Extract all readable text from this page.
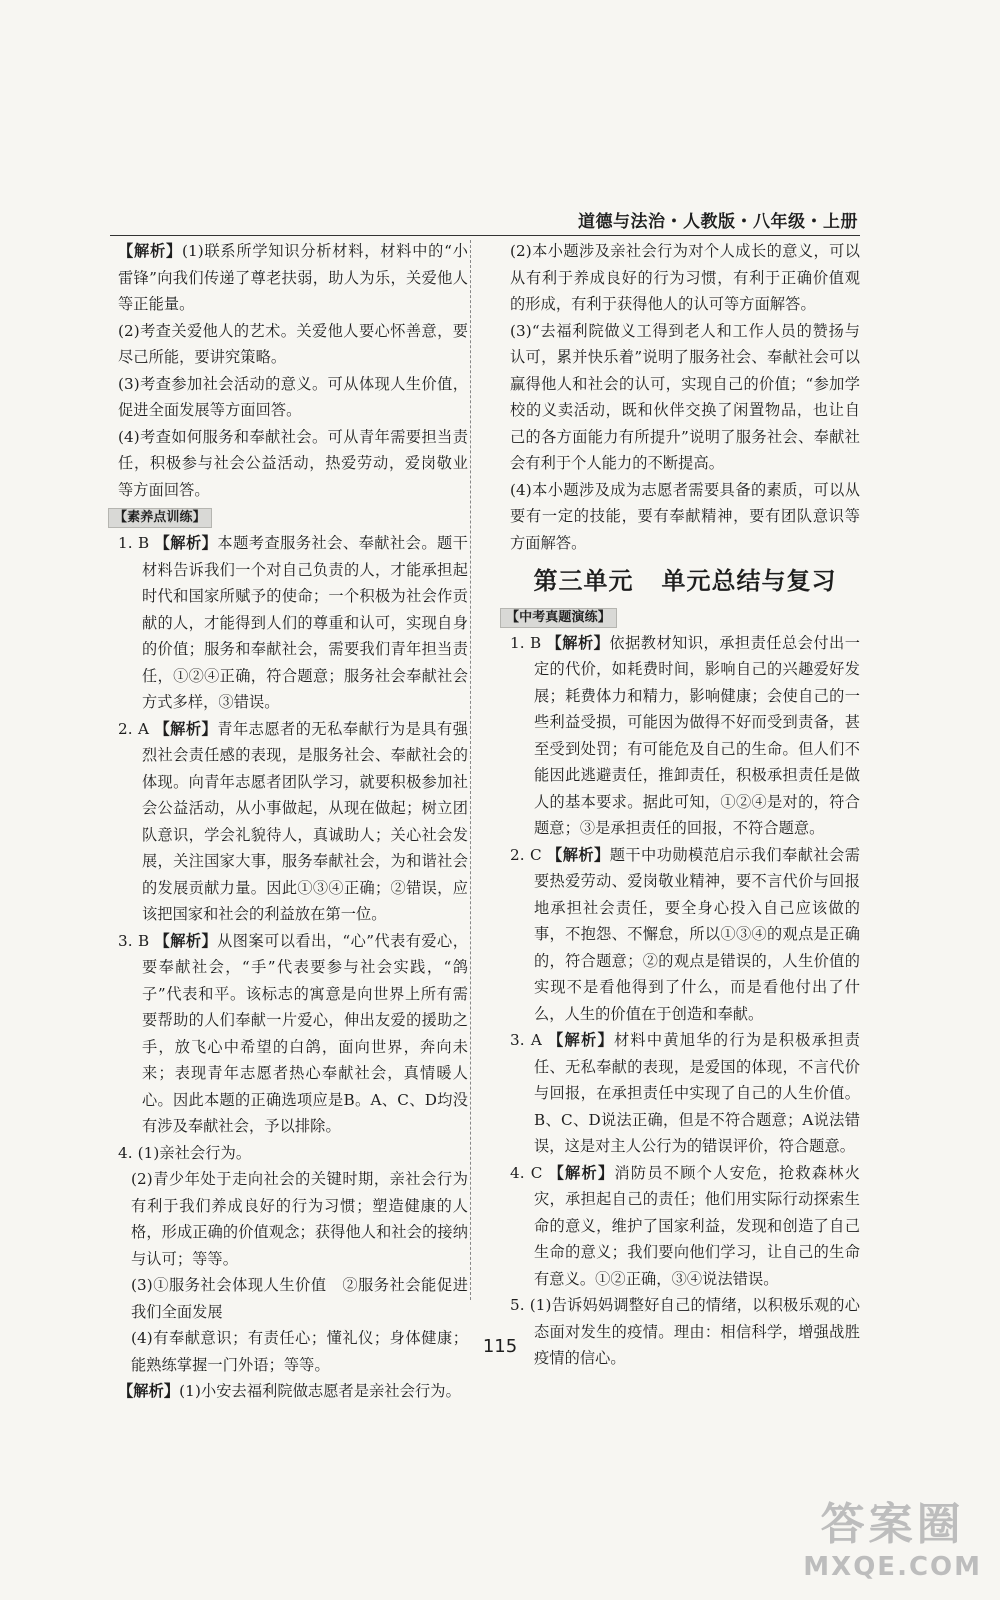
道德与法治・人教版・八年级・上册

【解析】(1)联系所学知识分析材料，材料中的“小雷锋”向我们传递了尊老扶弱，助人为乐，关爱他人等正能量。

(2)考查关爱他人的艺术。关爱他人要心怀善意，要尽己所能，要讲究策略。

(3)考查参加社会活动的意义。可从体现人生价值，促进全面发展等方面回答。

(4)考查如何服务和奉献社会。可从青年需要担当责任，积极参与社会公益活动，热爱劳动，爱岗敬业等方面回答。

【素养点训练】

1. B 【解析】本题考查服务社会、奉献社会。题干材料告诉我们一个对自己负责的人，才能承担起时代和国家所赋予的使命；一个积极为社会作贡献的人，才能得到人们的尊重和认可，实现自身的价值；服务和奉献社会，需要我们青年担当责任，①②④正确，符合题意；服务社会奉献社会方式多样，③错误。

2. A 【解析】青年志愿者的无私奉献行为是具有强烈社会责任感的表现，是服务社会、奉献社会的体现。向青年志愿者团队学习，就要积极参加社会公益活动，从小事做起，从现在做起；树立团队意识，学会礼貌待人，真诚助人；关心社会发展，关注国家大事，服务奉献社会，为和谐社会的发展贡献力量。因此①③④正确；②错误，应该把国家和社会的利益放在第一位。

3. B 【解析】从图案可以看出，“心”代表有爱心，要奉献社会，“手”代表要参与社会实践，“鸽子”代表和平。该标志的寓意是向世界上所有需要帮助的人们奉献一片爱心，伸出友爱的援助之手，放飞心中希望的白鸽，面向世界，奔向未来；表现青年志愿者热心奉献社会，真情暖人心。因此本题的正确选项应是B。A、C、D均没有涉及奉献社会，予以排除。

4. (1)亲社会行为。

(2)青少年处于走向社会的关键时期，亲社会行为有利于我们养成良好的行为习惯；塑造健康的人格，形成正确的价值观念；获得他人和社会的接纳与认可；等等。

(3)①服务社会体现人生价值　②服务社会能促进我们全面发展

(4)有奉献意识；有责任心；懂礼仪；身体健康；能熟练掌握一门外语；等等。

【解析】(1)小安去福利院做志愿者是亲社会行为。

(2)本小题涉及亲社会行为对个人成长的意义，可以从有利于养成良好的行为习惯，有利于正确价值观的形成，有利于获得他人的认可等方面解答。

(3)“去福利院做义工得到老人和工作人员的赞扬与认可，累并快乐着”说明了服务社会、奉献社会可以赢得他人和社会的认可，实现自己的价值；“参加学校的义卖活动，既和伙伴交换了闲置物品，也让自己的各方面能力有所提升”说明了服务社会、奉献社会有利于个人能力的不断提高。

(4)本小题涉及成为志愿者需要具备的素质，可以从要有一定的技能，要有奉献精神，要有团队意识等方面解答。

第三单元 单元总结与复习
【中考真题演练】

1. B 【解析】依据教材知识，承担责任总会付出一定的代价，如耗费时间，影响自己的兴趣爱好发展；耗费体力和精力，影响健康；会使自己的一些利益受损，可能因为做得不好而受到责备，甚至受到处罚；有可能危及自己的生命。但人们不能因此逃避责任，推卸责任，积极承担责任是做人的基本要求。据此可知，①②④是对的，符合题意；③是承担责任的回报，不符合题意。

2. C 【解析】题干中功勋模范启示我们奉献社会需要热爱劳动、爱岗敬业精神，要不言代价与回报地承担社会责任，要全身心投入自己应该做的事，不抱怨、不懈怠，所以①③④的观点是正确的，符合题意；②的观点是错误的，人生价值的实现不是看他得到了什么，而是看他付出了什么，人生的价值在于创造和奉献。

3. A 【解析】材料中黄旭华的行为是积极承担责任、无私奉献的表现，是爱国的体现，不言代价与回报，在承担责任中实现了自己的人生价值。B、C、D说法正确，但是不符合题意；A说法错误，这是对主人公行为的错误评价，符合题意。

4. C 【解析】消防员不顾个人安危，抢救森林火灾，承担起自己的责任；他们用实际行动探索生命的意义，维护了国家利益，发现和创造了自己生命的意义；我们要向他们学习，让自己的生命有意义。①②正确，③④说法错误。

5. (1)告诉妈妈调整好自己的情绪，以积极乐观的心态面对发生的疫情。理由：相信科学，增强战胜疫情的信心。

115
答案圈
MXQE.COM
